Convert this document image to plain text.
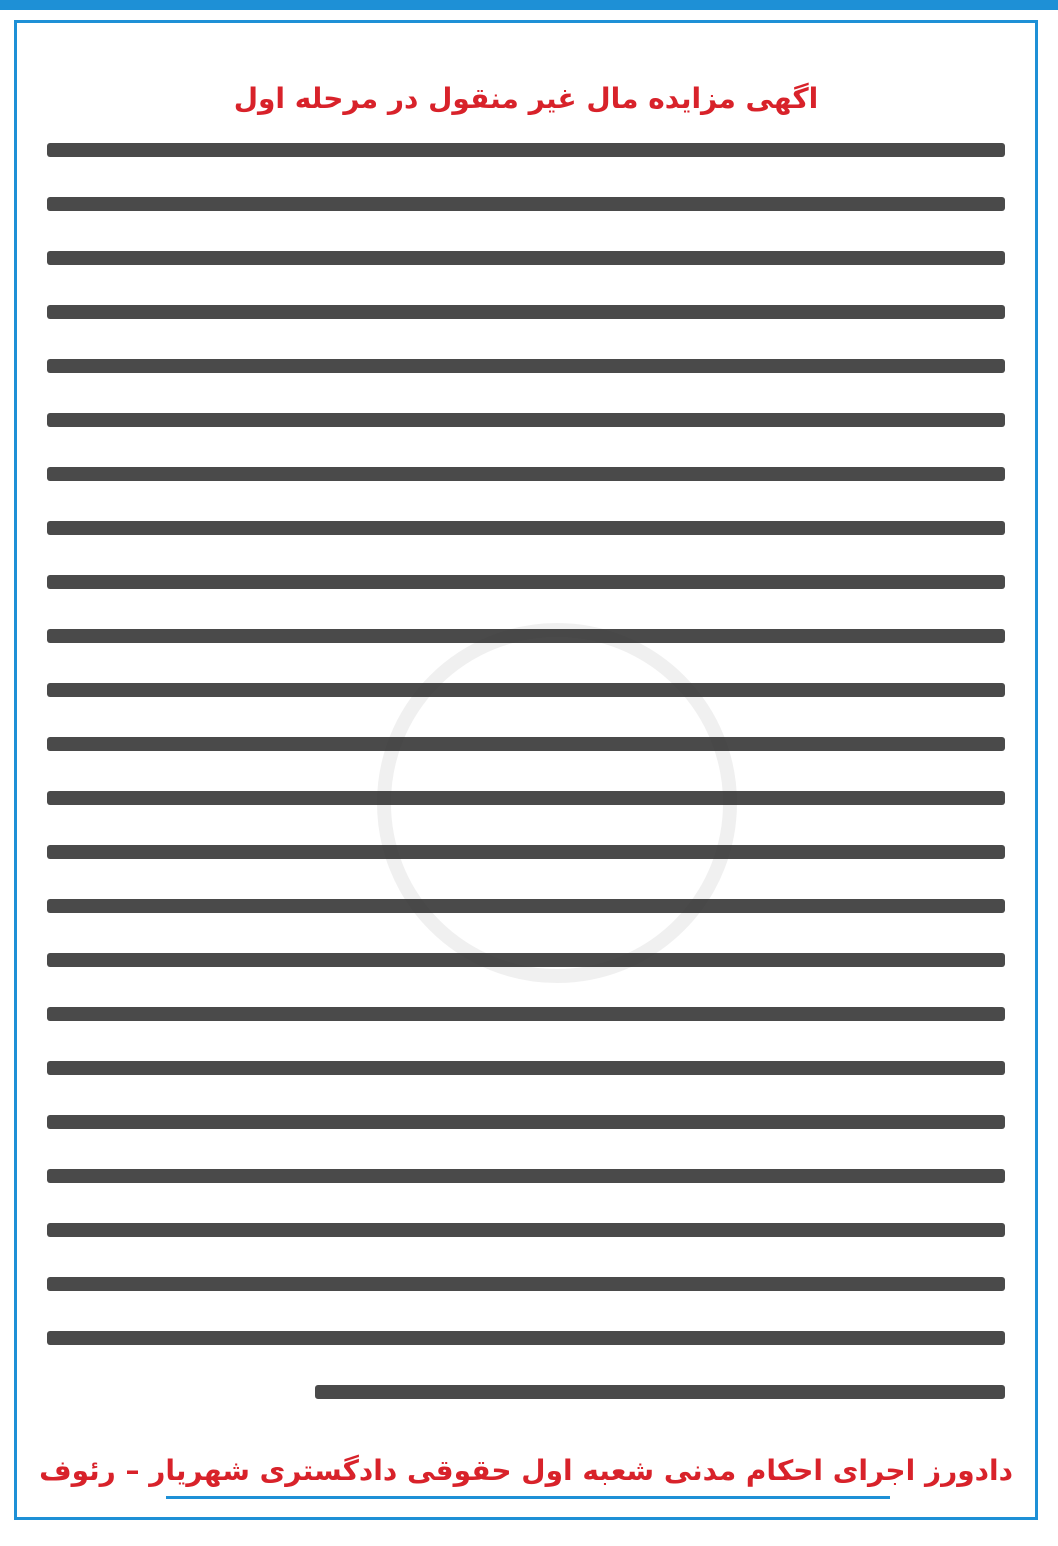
اگهی مزایده مال غیر منقول در مرحله اول
دادورز اجرای احکام مدنی شعبه اول حقوقی دادگستری شهریار – رئوف
